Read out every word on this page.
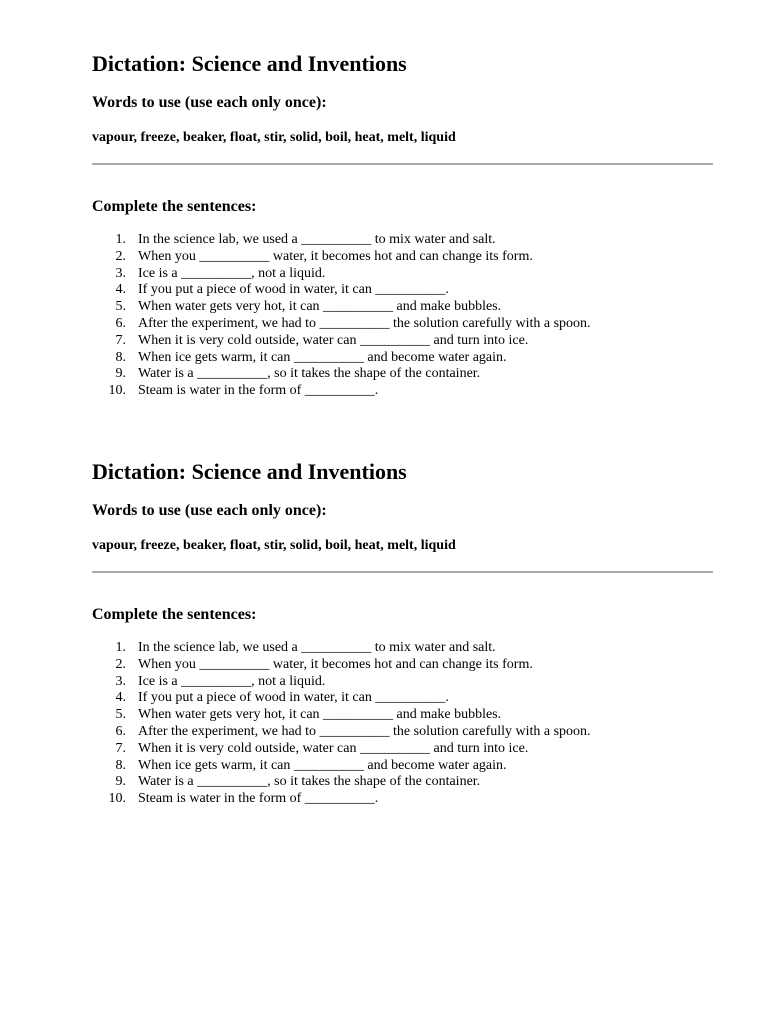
Dictation: Science and Inventions
Words to use (use each only once):

vapour, freeze, beaker, float, stir, solid, boil, heat, melt, liquid

Complete the sentences:
1. In the science lab, we used a __________ to mix water and salt.
2. When you __________ water, it becomes hot and can change its form.
3. Ice is a __________, not a liquid.
4. If you put a piece of wood in water, it can __________.
5. When water gets very hot, it can __________ and make bubbles.
6. After the experiment, we had to __________ the solution carefully with a spoon.
7. When it is very cold outside, water can __________ and turn into ice.
8. When ice gets warm, it can __________ and become water again.
9. Water is a __________, so it takes the shape of the container.
10. Steam is water in the form of __________.
Dictation: Science and Inventions
Words to use (use each only once):

vapour, freeze, beaker, float, stir, solid, boil, heat, melt, liquid

Complete the sentences:
1. In the science lab, we used a __________ to mix water and salt.
2. When you __________ water, it becomes hot and can change its form.
3. Ice is a __________, not a liquid.
4. If you put a piece of wood in water, it can __________.
5. When water gets very hot, it can __________ and make bubbles.
6. After the experiment, we had to __________ the solution carefully with a spoon.
7. When it is very cold outside, water can __________ and turn into ice.
8. When ice gets warm, it can __________ and become water again.
9. Water is a __________, so it takes the shape of the container.
10. Steam is water in the form of __________.
